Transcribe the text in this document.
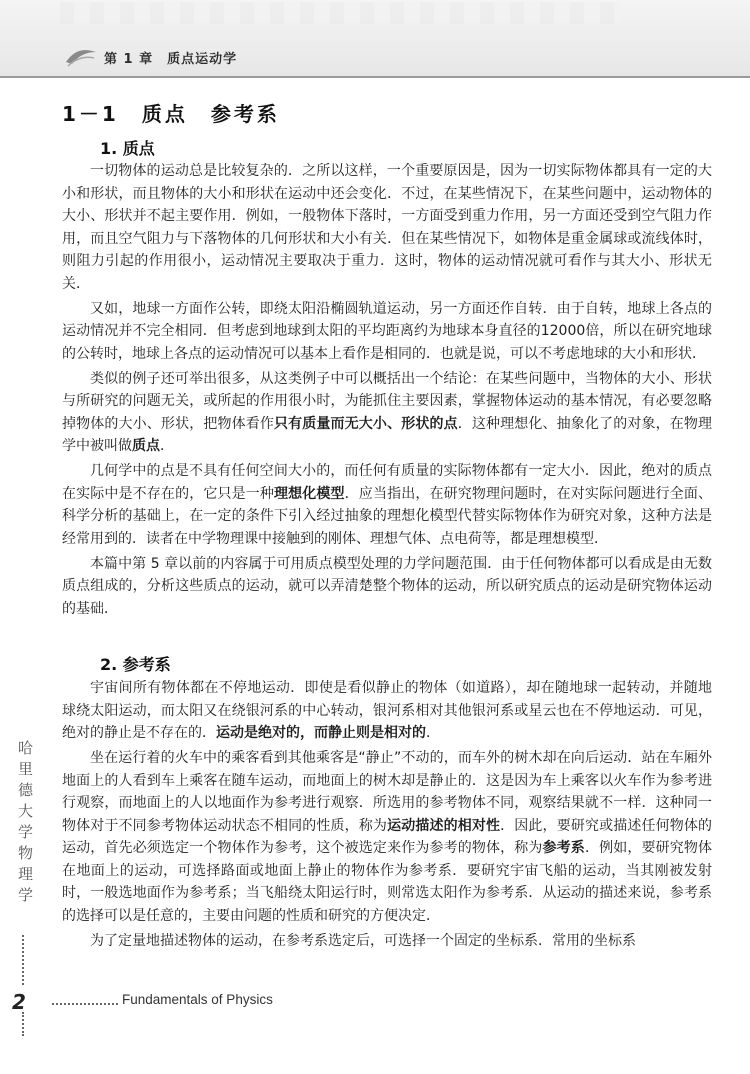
第 1 章　质点运动学
1－1　质点　参考系
1. 质点

一切物体的运动总是比较复杂的．之所以这样，一个重要原因是，因为一切实际物体都具有一定的大小和形状，而且物体的大小和形状在运动中还会变化．不过，在某些情况下，在某些问题中，运动物体的大小、形状并不起主要作用．例如，一般物体下落时，一方面受到重力作用，另一方面还受到空气阻力作用，而且空气阻力与下落物体的几何形状和大小有关．但在某些情况下，如物体是重金属球或流线体时，则阻力引起的作用很小，运动情况主要取决于重力．这时，物体的运动情况就可看作与其大小、形状无关．

又如，地球一方面作公转，即绕太阳沿椭圆轨道运动，另一方面还作自转．由于自转，地球上各点的运动情况并不完全相同．但考虑到地球到太阳的平均距离约为地球本身直径的12000倍，所以在研究地球的公转时，地球上各点的运动情况可以基本上看作是相同的．也就是说，可以不考虑地球的大小和形状．

类似的例子还可举出很多，从这类例子中可以概括出一个结论：在某些问题中，当物体的大小、形状与所研究的问题无关，或所起的作用很小时，为能抓住主要因素，掌握物体运动的基本情况，有必要忽略掉物体的大小、形状，把物体看作只有质量而无大小、形状的点．这种理想化、抽象化了的对象，在物理学中被叫做质点．

几何学中的点是不具有任何空间大小的，而任何有质量的实际物体都有一定大小．因此，绝对的质点在实际中是不存在的，它只是一种理想化模型．应当指出，在研究物理问题时，在对实际问题进行全面、科学分析的基础上，在一定的条件下引入经过抽象的理想化模型代替实际物体作为研究对象，这种方法是经常用到的．读者在中学物理课中接触到的刚体、理想气体、点电荷等，都是理想模型．

本篇中第 5 章以前的内容属于可用质点模型处理的力学问题范围．由于任何物体都可以看成是由无数质点组成的，分析这些质点的运动，就可以弄清楚整个物体的运动，所以研究质点的运动是研究物体运动的基础．

2. 参考系

宇宙间所有物体都在不停地运动．即使是看似静止的物体（如道路），却在随地球一起转动，并随地球绕太阳运动，而太阳又在绕银河系的中心转动，银河系相对其他银河系或星云也在不停地运动．可见，绝对的静止是不存在的．运动是绝对的，而静止则是相对的．

坐在运行着的火车中的乘客看到其他乘客是“静止”不动的，而车外的树木却在向后运动．站在车厢外地面上的人看到车上乘客在随车运动，而地面上的树木却是静止的．这是因为车上乘客以火车作为参考进行观察，而地面上的人以地面作为参考进行观察．所选用的参考物体不同，观察结果就不一样．这种同一物体对于不同参考物体运动状态不相同的性质，称为运动描述的相对性．因此，要研究或描述任何物体的运动，首先必须选定一个物体作为参考，这个被选定来作为参考的物体，称为参考系．例如，要研究物体在地面上的运动，可选择路面或地面上静止的物体作为参考系．要研究宇宙飞船的运动，当其刚被发射时，一般选地面作为参考系；当飞船绕太阳运行时，则常选太阳作为参考系．从运动的描述来说，参考系的选择可以是任意的，主要由问题的性质和研究的方便决定．

为了定量地描述物体的运动，在参考系选定后，可选择一个固定的坐标系．常用的坐标系

哈里德大学物理学
2	Fundamentals of Physics
